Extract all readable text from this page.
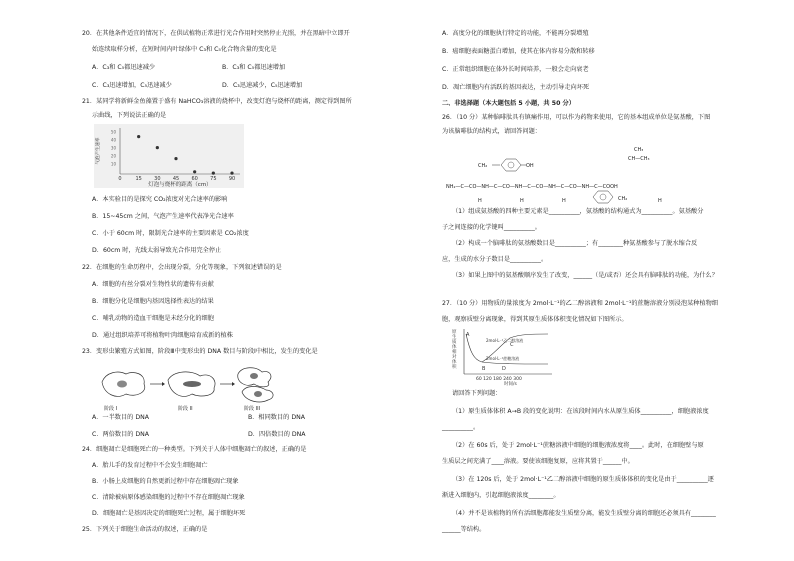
20．在其他条件适宜的情况下，在供试植物正常进行光合作用时突然停止光照，并在黑暗中立即开
始连续取样分析，在短时间内叶绿体中 C₃和 C₅化合物含量的变化是
A．C₃和 C₅都迅速减少	B．C₃和 C₅都迅速增加
C．C₃迅速增加，C₅迅速减少	D．C₃迅速减少，C₅迅速增加
21．某同学将新鲜金鱼藻置于盛有 NaHCO₃溶液的烧杯中，改变灯泡与烧杯的距离，测定得到图所
示曲线，下列说法正确的是
0	15 30 45 60 75 90
50
40
30
20
10
灯泡与烧杯的距离（cm）
气泡产生速率
A．本实验目的是探究 CO₂浓度对光合速率的影响
B．15~45cm 之间，气泡产生速率代表净光合速率
C．小于 60cm 时，限制光合速率的主要因素是 CO₂浓度
D．60cm 时，光线太弱导致光合作用完全停止
22．在细胞的生命历程中，会出现分裂，分化等现象，下列叙述错误的是
A．细胞的有丝分裂对生物性状的遗传有贡献
B．细胞分化是细胞内基因选择性表达的结果
C．哺乳动物的造血干细胞是未经分化的细胞
D．通过组织培养可将植物叶肉细胞培育成新的植株
23．变形虫繁殖方式如图，阶段Ⅲ中变形虫的 DNA 数目与阶段Ⅰ中相比，发生的变化是
阶段 I	阶段 II	阶段 III
A．一半数目的 DNA	B．相同数目的 DNA
C．两倍数目的 DNA	D．四倍数目的 DNA
24．细胞凋亡是细胞死亡的一种类型。下列关于人体中细胞凋亡的叙述，正确的是
A．胎儿手的发育过程中不会发生细胞凋亡
B．小肠上皮细胞的自然更新过程中存在细胞凋亡现象
C．清除被病原体感染细胞的过程中不存在细胞凋亡现象
D．细胞凋亡是基因决定的细胞死亡过程，属于细胞坏死
25．下列关于细胞生命活动的叙述，正确的是
A．高度分化的细胞执行特定的功能，不能再分裂增殖
B．癌细胞表面糖蛋白增加，使其在体内容易分散和转移
C．正常组织细胞在体外长时间培养，一般会走向衰老
D．凋亡细胞内有活跃的基因表达，主动引导走向坏死
二、非选择题（本大题包括 5 小题，共 50 分）
26．（10 分）某种脑啡肽具有镇痛作用，可以作为药物来使用，它的基本组成单位是氨基酸，下图
为该脑啡肽的结构式，请回答问题：
CH₃
CH—CH₃
CH₂	OH
NH₂—C—CO—NH—C—CO—NH—C—CO—NH—C—CO—NH—C—COOH
H	H	H	CH₂	H
（1）组成氨基酸的四种主要元素是__________，氨基酸的结构通式为__________。氨基酸分
子之间连接的化学键叫__________。
（2）构成一个脑啡肽的氨基酸数目是__________；有________种氨基酸参与了脱水缩合反
应，生成的水分子数目是__________。
（3）如果上图中的氨基酸顺序发生了改变，______（是/或否）还会具有脑啡肽的功能，为什么？
27．（10 分）用物质的量浓度为 2mol·L⁻¹的乙二醇溶液和 2mol·L⁻¹的蔗糖溶液分别浸泡某种植物细
胞，观察质壁分离现象，得到其原生质体体积变化情况如下图所示。
原
生
质
体
相
对
体
积
A
B
C
D
2mol·L⁻¹乙二醇溶液
2mol·L⁻¹蔗糖溶液
60 120 180 240 300
时间/s
请回答下列问题：
（1）原生质体体积 A→B 段的变化说明：在该段时间内水从原生质体__________，细胞液浓度
__________。
（2）在 60s 后，处于 2mol·L⁻¹蔗糖溶液中细胞的细胞液浓度将____。此时，在细胞壁与原
生质层之间充满了____溶液。要使该细胞复原，应将其置于______中。
（3）在 120s 后，处于 2mol·L⁻¹乙二醇溶液中细胞的原生质体体积的变化是由于__________逐
渐进入细胞内，引起细胞液浓度________。
（4）并不是该植物的所有活细胞都能发生质壁分离，能发生质壁分离的细胞还必须具有________
______等结构。
